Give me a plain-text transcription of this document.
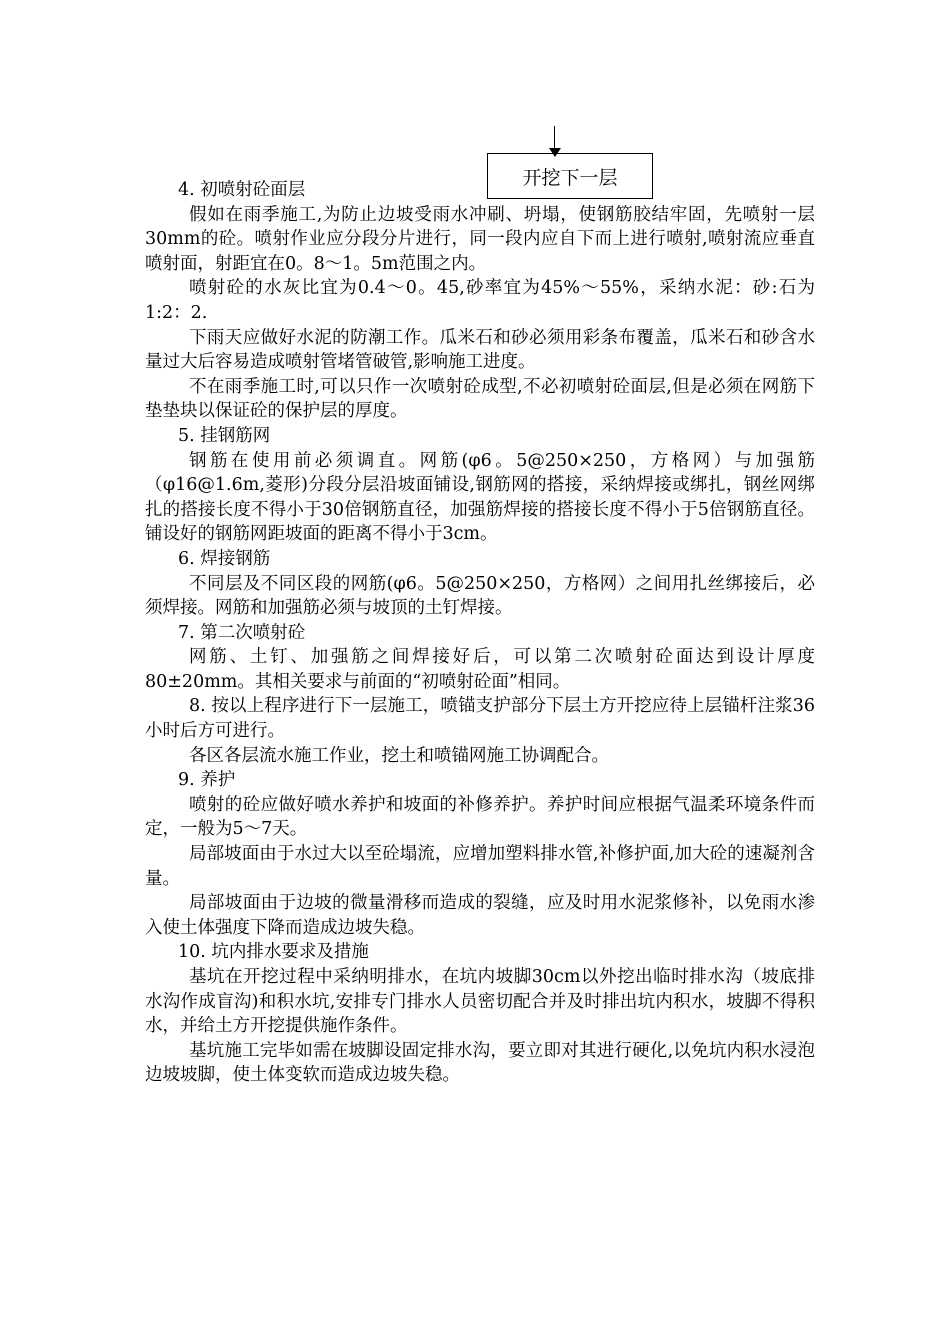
开挖下一层

4. 初喷射砼面层

假如在雨季施工,为防止边坡受雨水冲刷、坍塌，使钢筋胶结牢固，先喷射一层30mm的砼。喷射作业应分段分片进行，同一段内应自下而上进行喷射,喷射流应垂直喷射面，射距宜在0。8～1。5m范围之内。

喷射砼的水灰比宜为0.4～0。45,砂率宜为45%～55%，采纳水泥：砂:石为1:2：2.

下雨天应做好水泥的防潮工作。瓜米石和砂必须用彩条布覆盖，瓜米石和砂含水量过大后容易造成喷射管堵管破管,影响施工进度。

不在雨季施工时,可以只作一次喷射砼成型,不必初喷射砼面层,但是必须在网筋下垫垫块以保证砼的保护层的厚度。

5. 挂钢筋网

钢筋在使用前必须调直。网筋(φ6。5@250×250，方格网）与加强筋（φ16@1.6m,菱形)分段分层沿坡面铺设,钢筋网的搭接，采纳焊接或绑扎，钢丝网绑扎的搭接长度不得小于30倍钢筋直径，加强筋焊接的搭接长度不得小于5倍钢筋直径。铺设好的钢筋网距坡面的距离不得小于3cm。

6. 焊接钢筋

不同层及不同区段的网筋(φ6。5@250×250，方格网）之间用扎丝绑接后，必须焊接。网筋和加强筋必须与坡顶的土钉焊接。

7. 第二次喷射砼

网筋、土钉、加强筋之间焊接好后，可以第二次喷射砼面达到设计厚度80±20mm。其相关要求与前面的“初喷射砼面”相同。

8. 按以上程序进行下一层施工，喷锚支护部分下层土方开挖应待上层锚杆注浆36小时后方可进行。

各区各层流水施工作业，挖土和喷锚网施工协调配合。

9. 养护

喷射的砼应做好喷水养护和坡面的补修养护。养护时间应根据气温柔环境条件而定，一般为5～7天。

局部坡面由于水过大以至砼塌流，应增加塑料排水管,补修护面,加大砼的速凝剂含量。

局部坡面由于边坡的微量滑移而造成的裂缝，应及时用水泥浆修补，以免雨水渗入使土体强度下降而造成边坡失稳。

10. 坑内排水要求及措施

基坑在开挖过程中采纳明排水，在坑内坡脚30cm以外挖出临时排水沟（坡底排水沟作成盲沟)和积水坑,安排专门排水人员密切配合并及时排出坑内积水，坡脚不得积水，并给土方开挖提供施作条件。

基坑施工完毕如需在坡脚设固定排水沟，要立即对其进行硬化,以免坑内积水浸泡边坡坡脚，使土体变软而造成边坡失稳。
